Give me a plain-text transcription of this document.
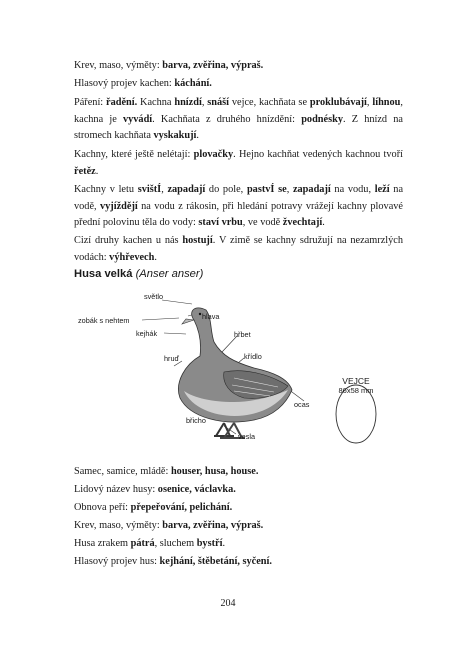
Krev, maso, výměty: barva, zvěřina, výpraš.

Hlasový projev kachen: káchání.

Páření: řadění. Kachna hnízdí, snáší vejce, kachňata se proklubávají, líhnou, kachna je vyvádí. Kachňata z druhého hnízdění: podnésky. Z hnízd na stromech kachňata vyskakují.

Kachny, které ještě nelétají: plovačky. Hejno kachňat vedených kachnou tvoří řetěz.

Kachny v letu svištÍ, zapadají do pole, pastvÍ se, zapadají na vodu, leží na vodě, vyjíždějí na vodu z rákosin, při hledání potravy vrážejí kachny plovavé přední polovinu těla do vody: staví vrbu, ve vodě žvechtají.

Cizí druhy kachen u nás hostují. V zimě se kachny sdružují na nezamrzlých vodách: výhřevech.

Husa velká (Anser anser)
světlo
hlava
zobák s nehtem
kejhák	hřbet
hruď	křídlo
ocas
břicho
vesla
VEJCE
86x58 mm

Samec, samice, mládě: houser, husa, house.

Lidový název husy: osenice, václavka.

Obnova peří: přepeřování, pelichání.

Krev, maso, výměty: barva, zvěřina, výpraš.

Husa zrakem pátrá, sluchem bystří.

Hlasový projev hus: kejhání, štěbetání, syčení.

204
